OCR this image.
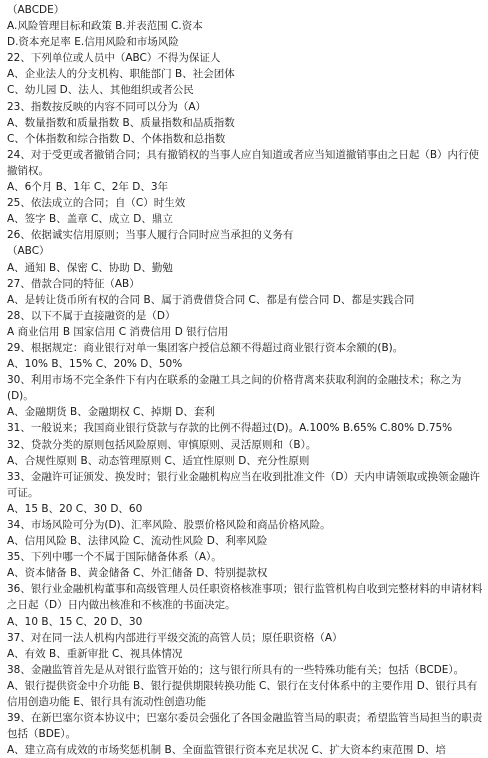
（ABCDE）
A.风险管理目标和政策 B.并表范围 C.资本
D.资本充足率 E.信用风险和市场风险
22、下列单位或人员中（ABC）不得为保证人
A、企业法人的分支机构、职能部门 B、社会团体
C、幼儿园 D、法人、其他组织或者公民
23、指数按反映的内容不同可以分为（A）
A、数量指数和质量指数 B、质量指数和品质指数
C、个体指数和综合指数 D、个体指数和总指数
24、对于受更或者撤销合同；具有撤销权的当事人应自知道或者应当知道撤销事由之日起（B）内行使撤销权。
A、6个月 B、1年 C、2年 D、3年
25、依法成立的合同；自（C）时生效
A、签字 B、盖章 C、成立 D、鼎立
26、依据诚实信用原则；当事人履行合同时应当承担的义务有
（ABC）
A、通知 B、保密 C、协助 D、勤勉
27、借款合同的特征（AB）
A、是转让货币所有权的合同 B、属于消费借贷合同 C、都是有偿合同 D、都是实践合同
28、以下不属于直接融资的是（D）
A 商业信用 B 国家信用 C 消费信用 D 银行信用
29、根据规定：商业银行对单一集团客户授信总额不得超过商业银行资本余额的(B)。
A、10% B、15% C、20% D、50%
30、利用市场不完全条件下有内在联系的金融工具之间的价格背离来获取利润的金融技术；称之为(D)。
A、金融期货 B、金融期权 C、掉期 D、套利
31、一般说来；我国商业银行贷款与存款的比例不得超过(D)。A.100% B.65% C.80% D.75%
32、贷款分类的原则包括风险原则、审慎原则、灵活原则和（B）。
A、合规性原则 B、动态管理原则 C、适宜性原则 D、充分性原则
33、金融许可证颁发、换发时；银行业金融机构应当在收到批准文件（D）天内申请领取或换领金融许可证。
A、15 B、20 C、30 D、60
34、市场风险可分为(D)、汇率风险、股票价格风险和商品价格风险。
A、信用风险 B、法律风险 C、流动性风险 D、利率风险
35、下列中哪一个不属于国际储备体系（A）。
A、资本储备 B、黄金储备 C、外汇储备 D、特别提款权
36、银行业金融机构董事和高级管理人员任职资格核准事项；银行监管机构自收到完整材料的申请材料之日起（D）日内做出核准和不核准的书面决定。
A、10 B、15 C、20 D、30
37、对在同一法人机构内部进行平级交流的高管人员；原任职资格（A）
A、有效 B、重新审批 C、视具体情况
38、金融监管首先是从对银行监管开始的；这与银行所具有的一些特殊功能有关；包括（BCDE）。
A、银行提供资金中介功能 B、银行提供期限转换功能 C、银行在支付体系中的主要作用 D、银行具有信用创造功能 E、银行具有流动性创造功能
39、在新巴塞尔资本协议中；巴塞尔委员会强化了各国金融监管当局的职责；希望监管当局担当的职责包括（BDE）。
A、建立高有成效的市场奖惩机制 B、全面监管银行资本充足状况 C、扩大资本约束范围 D、培
